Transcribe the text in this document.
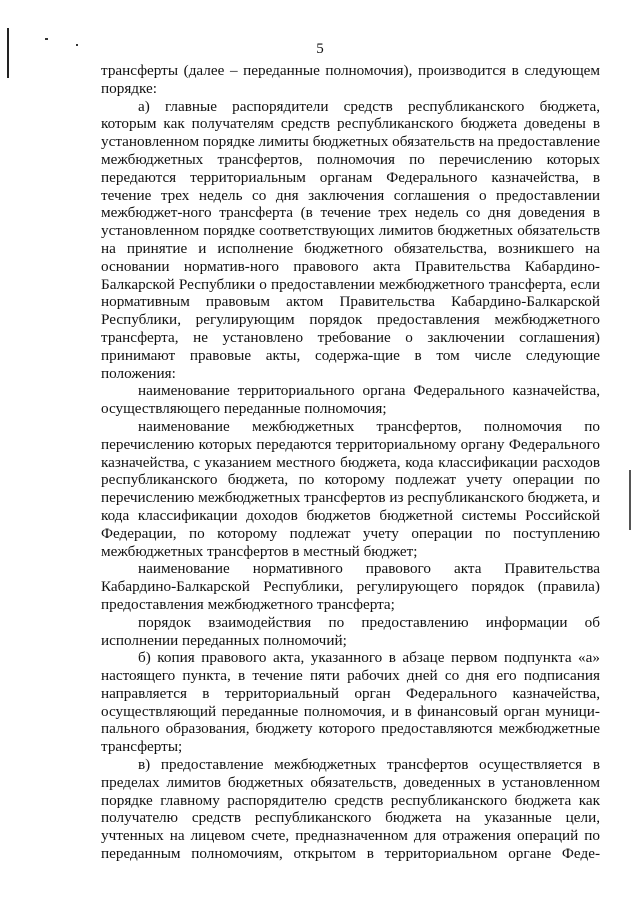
5

трансферты (далее – переданные полномочия), производится в следующем порядке:

а) главные распорядители средств республиканского бюджета, которым как получателям средств республиканского бюджета доведены в установленном порядке лимиты бюджетных обязательств на предоставление межбюджетных трансфертов, полномочия по перечислению которых передаются территориальным органам Федерального казначейства, в течение трех недель со дня заключения соглашения о предоставлении межбюджет-ного трансферта (в течение трех недель со дня доведения в установленном порядке соответствующих лимитов бюджетных обязательств на принятие и исполнение бюджетного обязательства, возникшего на основании норматив-ного правового акта Правительства Кабардино-Балкарской Республики о предоставлении межбюджетного трансферта, если нормативным правовым актом Правительства Кабардино-Балкарской Республики, регулирующим порядок предоставления межбюджетного трансферта, не установлено требование о заключении соглашения) принимают правовые акты, содержа-щие в том числе следующие положения:

наименование территориального органа Федерального казначейства, осуществляющего переданные полномочия;

наименование межбюджетных трансфертов, полномочия по перечислению которых передаются территориальному органу Федерального казначейства, с указанием местного бюджета, кода классификации расходов республиканского бюджета, по которому подлежат учету операции по перечислению межбюджетных трансфертов из республиканского бюджета, и кода классификации доходов бюджетов бюджетной системы Российской Федерации, по которому подлежат учету операции по поступлению межбюджетных трансфертов в местный бюджет;

наименование нормативного правового акта Правительства Кабардино-Балкарской Республики, регулирующего порядок (правила) предоставления межбюджетного трансферта;

порядок взаимодействия по предоставлению информации об исполнении переданных полномочий;

б) копия правового акта, указанного в абзаце первом подпункта «а» настоящего пункта, в течение пяти рабочих дней со дня его подписания направляется в территориальный орган Федерального казначейства, осуществляющий переданные полномочия, и в финансовый орган муници-пального образования, бюджету которого предоставляются межбюджетные трансферты;

в) предоставление межбюджетных трансфертов осуществляется в пределах лимитов бюджетных обязательств, доведенных в установленном порядке главному распорядителю средств республиканского бюджета как получателю средств республиканского бюджета на указанные цели, учтенных на лицевом счете, предназначенном для отражения операций по переданным полномочиям, открытом в территориальном органе Феде-
